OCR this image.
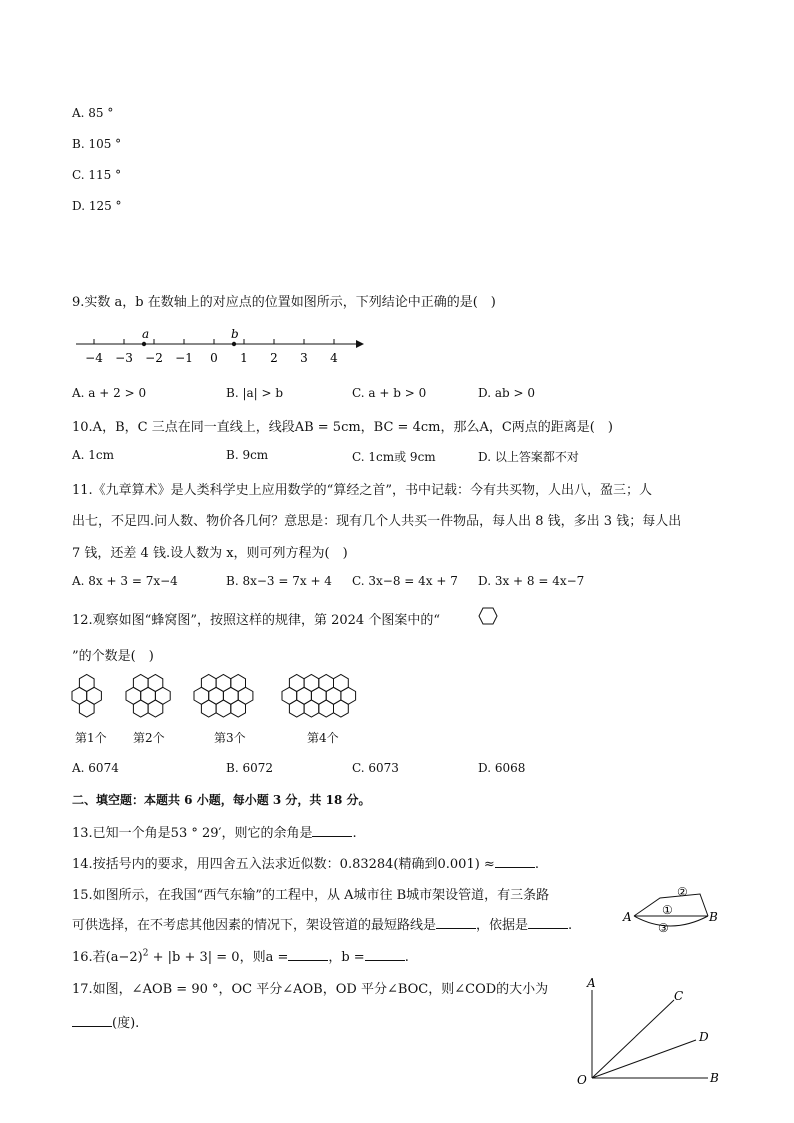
A. 85 °
B. 105 °
C. 115 °
D. 125 °
9.实数 a，b 在数轴上的对应点的位置如图所示，下列结论中正确的是(　)
−4 −3 −2 −1 0 1 2 3 4
a	b
A. a + 2 > 0	B. |a| > b	C. a + b > 0	D. ab > 0
10.A，B，C 三点在同一直线上，线段AB = 5cm，BC = 4cm，那么A，C两点的距离是(　)
A. 1cm	B. 9cm	C. 1cm或 9cm	D. 以上答案都不对
11.《九章算术》是人类科学史上应用数学的“算经之首”，书中记载：今有共买物，人出八，盈三；人
出七，不足四.问人数、物价各几何？意思是：现有几个人共买一件物品，每人出 8 钱，多出 3 钱；每人出
7 钱，还差 4 钱.设人数为 x，则可列方程为(　)
A. 8x + 3 = 7x−4	B. 8x−3 = 7x + 4 C. 3x−8 = 4x + 7 D. 3x + 8 = 4x−7
12.观察如图“蜂窝图”，按照这样的规律，第 2024 个图案中的“
”的个数是(　)
第1个 第2个	第3个	第4个
A. 6074	B. 6072	C. 6073	D. 6068
二、填空题：本题共 6 小题，每小题 3 分，共 18 分。
13.已知一个角是53 ° 29′，则它的余角是	.
14.按括号内的要求，用四舍五入法求近似数：0.83284(精确到0.001) ≈	.
15.如图所示，在我国“西气东输”的工程中，从 A城市往 B城市架设管道，有三条路
可供选择，在不考虑其他因素的情况下，架设管道的最短路线是	，依据是	.
A	B
②
①
③
16.若$(a-2)^2 + |b + 3| = 0$，则a =	，b =	.
17.如图，∠AOB = 90 °，OC 平分∠AOB，OD 平分∠BOC，则∠COD的大小为
(度).
A
C
D
B
O
